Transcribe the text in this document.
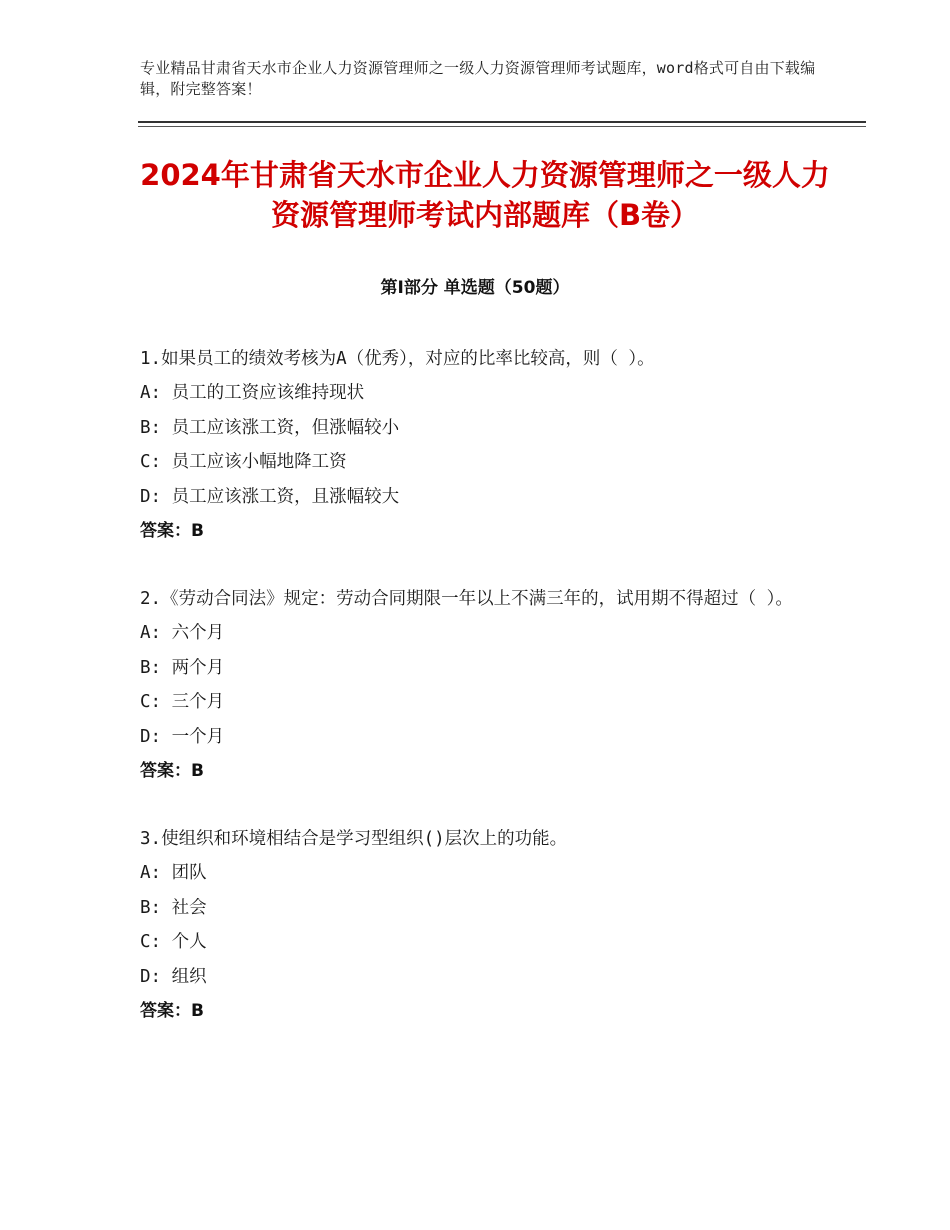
专业精品甘肃省天水市企业人力资源管理师之一级人力资源管理师考试题库，word格式可自由下载编辑，附完整答案！
2024年甘肃省天水市企业人力资源管理师之一级人力资源管理师考试内部题库（B卷）
第Ⅰ部分 单选题（50题）
1.如果员工的绩效考核为A（优秀），对应的比率比较高，则（ ）。
A: 员工的工资应该维持现状
B: 员工应该涨工资，但涨幅较小
C: 员工应该小幅地降工资
D: 员工应该涨工资，且涨幅较大
答案：B
2.《劳动合同法》规定：劳动合同期限一年以上不满三年的，试用期不得超过（ ）。
A: 六个月
B: 两个月
C: 三个月
D: 一个月
答案：B
3.使组织和环境相结合是学习型组织()层次上的功能。
A: 团队
B: 社会
C: 个人
D: 组织
答案：B
